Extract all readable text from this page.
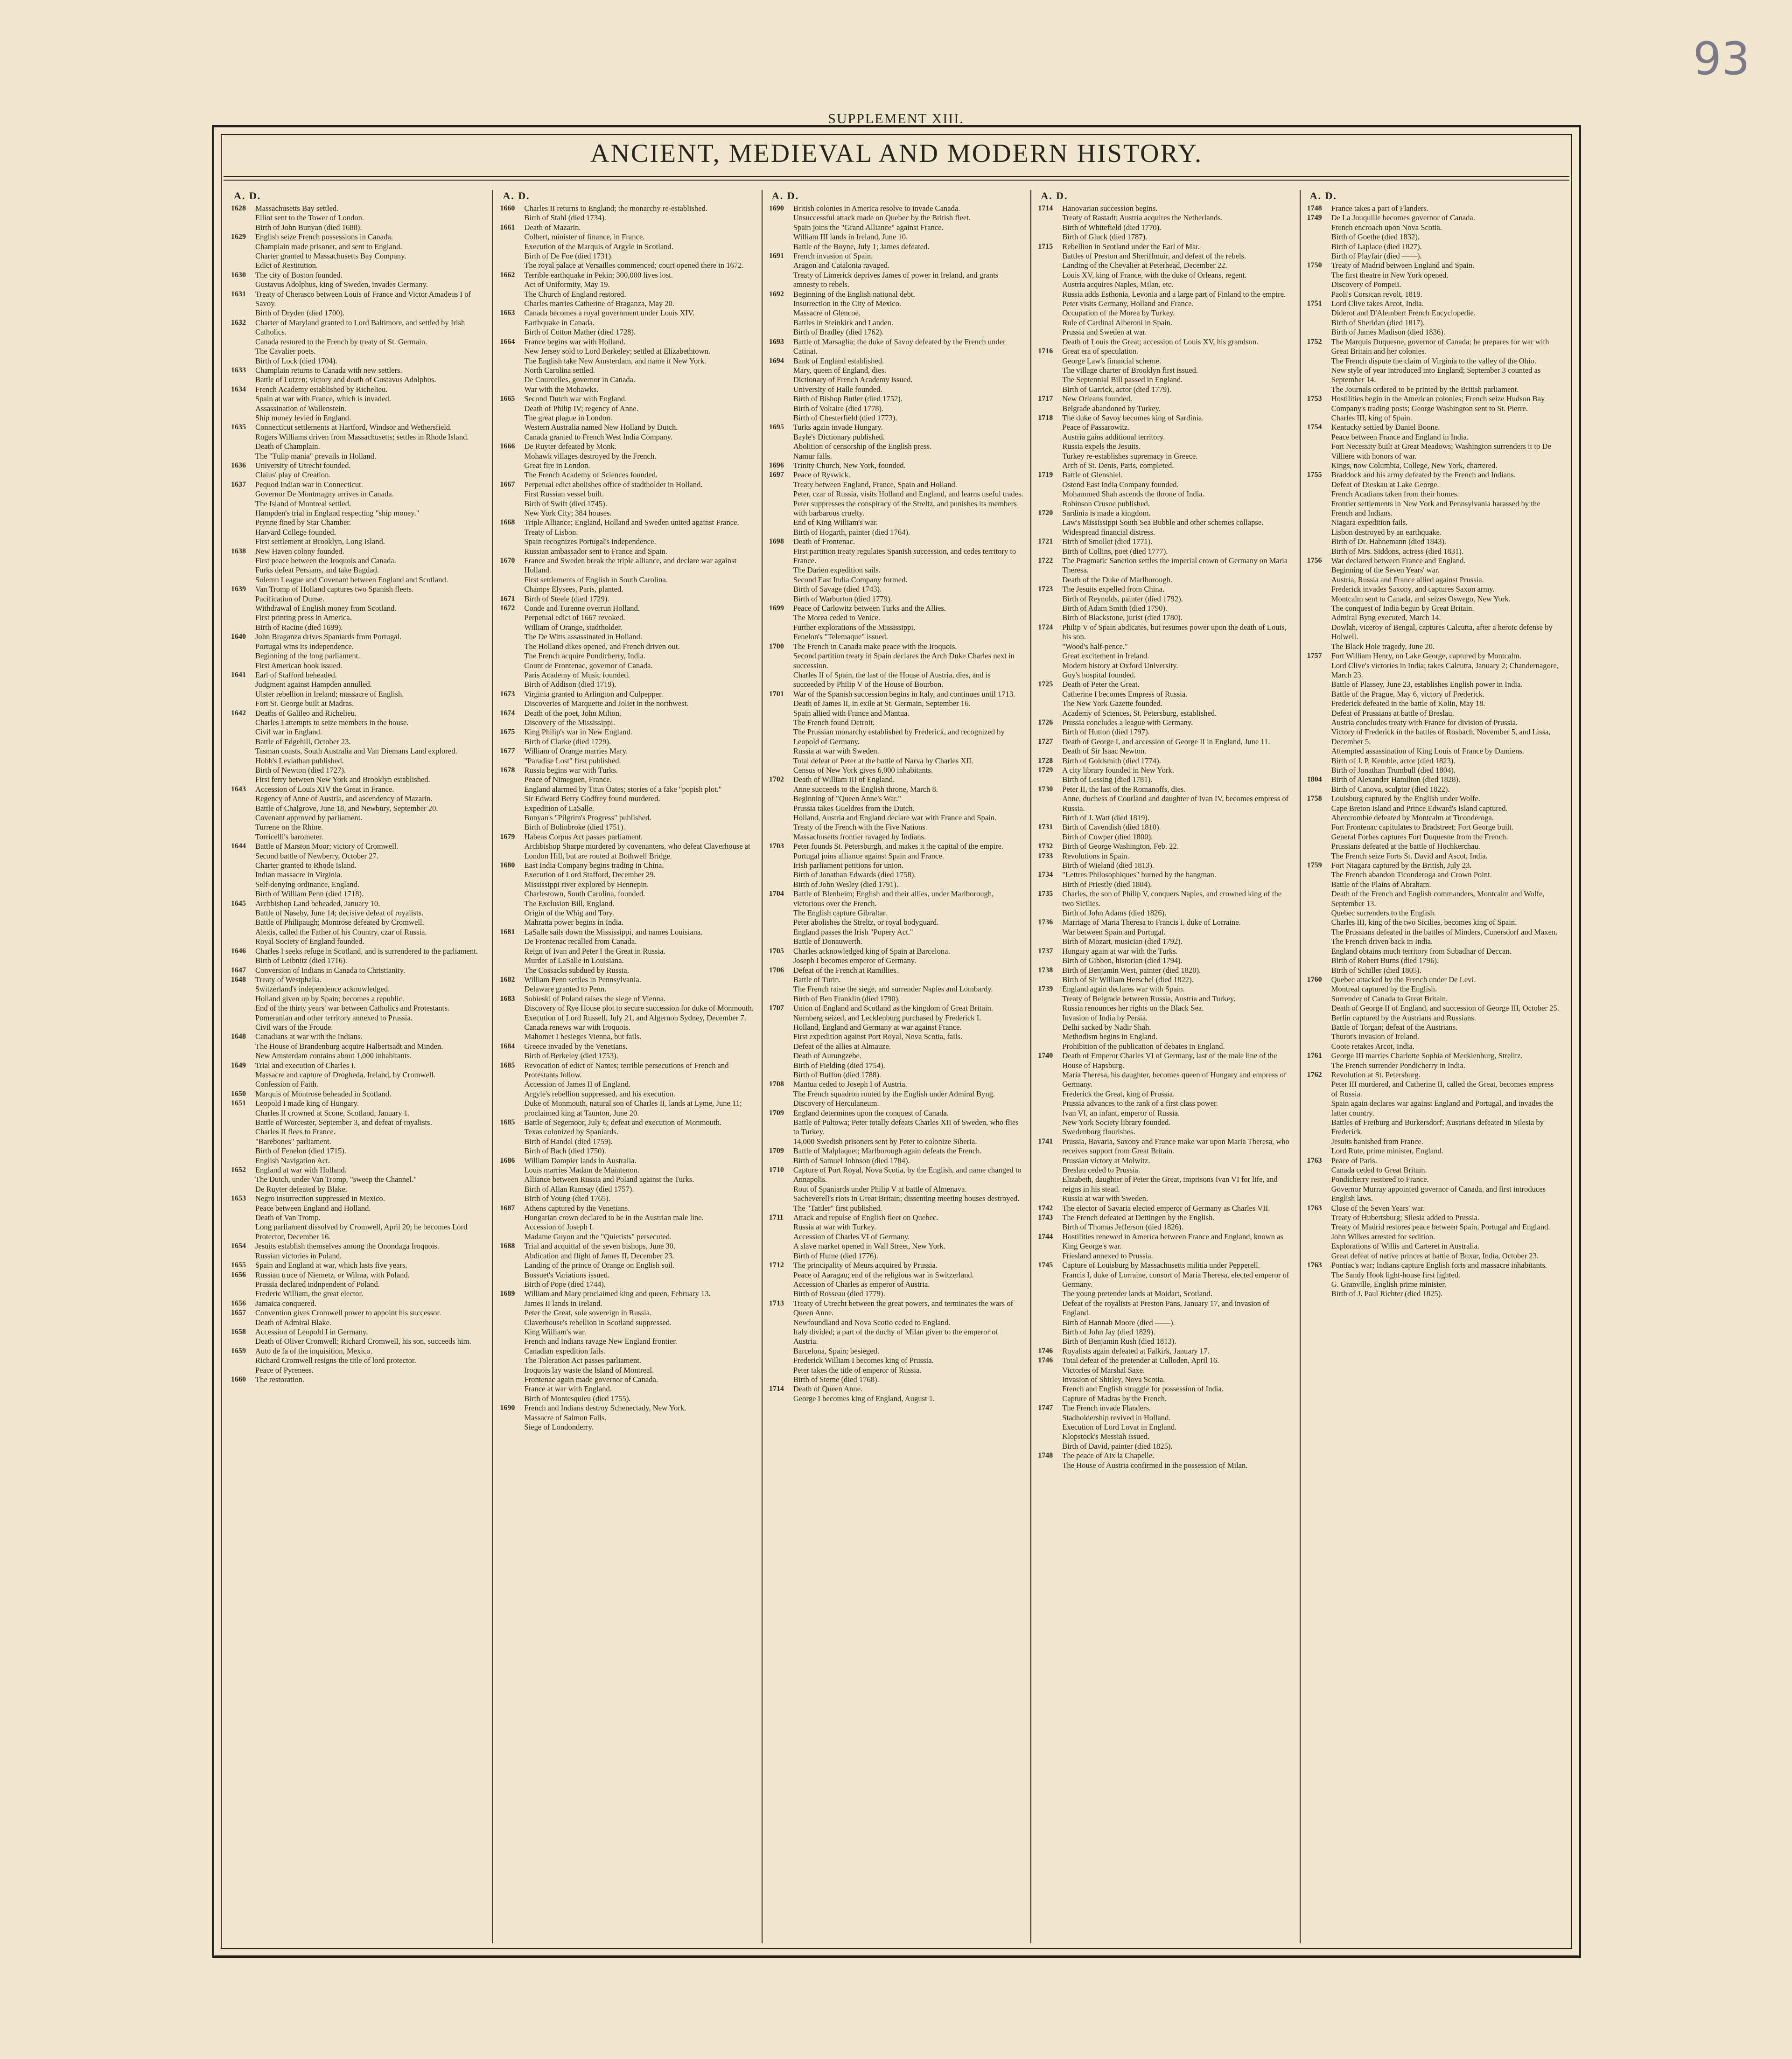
93
SUPPLEMENT XIII.
ANCIENT, MEDIEVAL AND MODERN HISTORY.
A. D.
1628	Massachusetts Bay settled.
Elliot sent to the Tower of London.
Birth of John Bunyan (died 1688).
1629	English seize French possessions in Canada.
Champlain made prisoner, and sent to England.
Charter granted to Massachusetts Bay Company.
Edict of Restitution.
1630	The city of Boston founded.
Gustavus Adolphus, king of Sweden, invades Germany.
1631	Treaty of Cherasco between Louis of France and Victor Amadeus I of Savoy.
Birth of Dryden (died 1700).
1632	Charter of Maryland granted to Lord Baltimore, and settled by Irish Catholics.
Canada restored to the French by treaty of St. Germain.
The Cavalier poets.
Birth of Lock (died 1704).
1633	Champlain returns to Canada with new settlers.
Battle of Lutzen; victory and death of Gustavus Adolphus.
1634	French Academy established by Richelieu.
Spain at war with France, which is invaded.
Assassination of Wallenstein.
Ship money levied in England.
1635	Connecticut settlements at Hartford, Windsor and Wethersfield.
Rogers Williams driven from Massachusetts; settles in Rhode Island.
Death of Champlain.
The "Tulip mania" prevails in Holland.
1636	University of Utrecht founded.
Claius' play of Creation.
1637	Pequod Indian war in Connecticut.
Governor De Montmagny arrives in Canada.
The Island of Montreal settled.
Hampden's trial in England respecting "ship money."
Prynne fined by Star Chamber.
Harvard College founded.
First settlement at Brooklyn, Long Island.
1638	New Haven colony founded.
First peace between the Iroquois and Canada.
Furks defeat Persians, and take Bagdad.
Solemn League and Covenant between England and Scotland.
1639	Van Tromp of Holland captures two Spanish fleets.
Pacification of Dunse.
Withdrawal of English money from Scotland.
First printing press in America.
Birth of Racine (died 1699).
1640	John Braganza drives Spaniards from Portugal.
Portugal wins its independence.
Beginning of the long parliament.
First American book issued.
1641	Earl of Stafford beheaded.
Judgment against Hampden annulled.
Ulster rebellion in Ireland; massacre of English.
Fort St. George built at Madras.
1642	Deaths of Galileo and Richelieu.
Charles I attempts to seize members in the house.
Civil war in England.
Battle of Edgehill, October 23.
Tasman coasts, South Australia and Van Diemans Land explored.
Hobb's Leviathan published.
Birth of Newton (died 1727).
First ferry between New York and Brooklyn established.
1643	Accession of Louis XIV the Great in France.
Regency of Anne of Austria, and ascendency of Mazarin.
Battle of Chalgrove, June 18, and Newbury, September 20.
Covenant approved by parliament.
Turrene on the Rhine.
Torricelli's barometer.
1644	Battle of Marston Moor; victory of Cromwell.
Second battle of Newberry, October 27.
Charter granted to Rhode Island.
Indian massacre in Virginia.
Self-denying ordinance, England.
Birth of William Penn (died 1718).
1645	Archbishop Land beheaded, January 10.
Battle of Naseby, June 14; decisive defeat of royalists.
Battle of Philipaugh; Montrose defeated by Cromwell.
Alexis, called the Father of his Country, czar of Russia.
Royal Society of England founded.
1646	Charles I seeks refuge in Scotland, and is surrendered to the parliament.
Birth of Leibnitz (died 1716).
1647	Conversion of Indians in Canada to Christianity.
1648	Treaty of Westphalia.
Switzerland's independence acknowledged.
Holland given up by Spain; becomes a republic.
End of the thirty years' war between Catholics and Protestants.
Pomeranian and other territory annexed to Prussia.
Civil wars of the Froude.
1648	Canadians at war with the Indians.
The House of Brandenburg acquire Halbertsadt and Minden.
New Amsterdam contains about 1,000 inhabitants.
1649	Trial and execution of Charles I.
Massacre and capture of Drogheda, Ireland, by Cromwell.
Confession of Faith.
1650	Marquis of Montrose beheaded in Scotland.
1651	Leopold I made king of Hungary.
Charles II crowned at Scone, Scotland, January 1.
Battle of Worcester, September 3, and defeat of royalists.
Charles II flees to France.
"Barebones" parliament.
Birth of Fenelon (died 1715).
English Navigation Act.
1652	England at war with Holland.
The Dutch, under Van Tromp, "sweep the Channel."
De Ruyter defeated by Blake.
1653	Negro insurrection suppressed in Mexico.
Peace between England and Holland.
Death of Van Tromp.
Long parliament dissolved by Cromwell, April 20; he becomes Lord Protector, December 16.
1654	Jesuits establish themselves among the Onondaga Iroquois.
Russian victories in Poland.
1655	Spain and England at war, which lasts five years.
1656	Russian truce of Niemetz, or Wilma, with Poland.
Prussia declared indnpendent of Poland.
Frederic William, the great elector.
1656	Jamaica conquered.
1657	Convention gives Cromwell power to appoint his successor.
Death of Admiral Blake.
1658	Accession of Leopold I in Germany.
Death of Oliver Cromwell; Richard Cromwell, his son, succeeds him.
1659	Auto de fa of the inquisition, Mexico.
Richard Cromwell resigns the title of lord protector.
Peace of Pyrenees.
1660	The restoration.
A. D.
1660	Charles II returns to England; the monarchy re-established.
Birth of Stahl (died 1734).
1661	Death of Mazarin.
Colbert, minister of finance, in France.
Execution of the Marquis of Argyle in Scotland.
Birth of De Foe (died 1731).
The royal palace at Versailles commenced; court opened there in 1672.
1662	Terrible earthquake in Pekin; 300,000 lives lost.
Act of Uniformity, May 19.
The Church of England restored.
Charles marries Catherine of Braganza, May 20.
1663	Canada becomes a royal government under Louis XIV.
Earthquake in Canada.
Birth of Cotton Mather (died 1728).
1664	France begins war with Holland.
New Jersey sold to Lord Berkeley; settled at Elizabethtown.
The English take New Amsterdam, and name it New York.
North Carolina settled.
De Courcelles, governor in Canada.
War with the Mohawks.
1665	Second Dutch war with England.
Death of Philip IV; regency of Anne.
The great plague in London.
Western Australia named New Holland by Dutch.
Canada granted to French West India Company.
1666	De Ruyter defeated by Monk.
Mohawk villages destroyed by the French.
Great fire in London.
The French Academy of Sciences founded.
1667	Perpetual edict abolishes office of stadtholder in Holland.
First Russian vessel built.
Birth of Swift (died 1745).
New York City; 384 houses.
1668	Triple Alliance; England, Holland and Sweden united against France.
Treaty of Lisbon.
Spain recognizes Portugal's independence.
Russian ambassador sent to France and Spain.
1670	France and Sweden break the triple alliance, and declare war against Holland.
First settlements of English in South Carolina.
Champs Elysees, Paris, planted.
1671	Birth of Steele (died 1729).
1672	Conde and Turenne overrun Holland.
Perpetual edict of 1667 revoked.
William of Orange, stadtholder.
The De Witts assassinated in Holland.
The Holland dikes opened, and French driven out.
The French acquire Pondicherry, India.
Count de Frontenac, governor of Canada.
Paris Academy of Music founded.
Birth of Addison (died 1719).
1673	Virginia granted to Arlington and Culpepper.
Discoveries of Marquette and Joliet in the northwest.
1674	Death of the poet, John Milton.
Discovery of the Mississippi.
1675	King Philip's war in New England.
Birth of Clarke (died 1729).
1677	William of Orange marries Mary.
"Paradise Lost" first published.
1678	Russia begins war with Turks.
Peace of Nimeguen, France.
England alarmed by Titus Oates; stories of a fake "popish plot."
Sir Edward Berry Godfrey found murdered.
Expedition of LaSalle.
Bunyan's "Pilgrim's Progress" published.
Birth of Bolinbroke (died 1751).
1679	Habeas Corpus Act passes parliament.
Archbishop Sharpe murdered by covenanters, who defeat Claverhouse at London Hill, but are routed at Bothwell Bridge.
1680	East India Company begins trading in China.
Execution of Lord Stafford, December 29.
Mississippi river explored by Hennepin.
Charlestown, South Carolina, founded.
The Exclusion Bill, England.
Origin of the Whig and Tory.
Mahratta power begins in India.
1681	LaSalle sails down the Mississippi, and names Louisiana.
De Frontenac recalled from Canada.
Reign of Ivan and Peter I the Great in Russia.
Murder of LaSalle in Louisiana.
The Cossacks subdued by Russia.
1682	William Penn settles in Pennsylvania.
Delaware granted to Penn.
1683	Sobieski of Poland raises the siege of Vienna.
Discovery of Rye House plot to secure succession for duke of Monmouth.
Execution of Lord Russell, July 21, and Algernon Sydney, December 7.
Canada renews war with Iroquois.
Mahomet I besieges Vienna, but fails.
1684	Greece invaded by the Venetians.
Birth of Berkeley (died 1753).
1685	Revocation of edict of Nantes; terrible persecutions of French and Protestants follow.
Accession of James II of England.
Argyle's rebellion suppressed, and his execution.
Duke of Monmouth, natural son of Charles II, lands at Lyme, June 11; proclaimed king at Taunton, June 20.
1685	Battle of Segemoor, July 6; defeat and execution of Monmouth.
Texas colonized by Spaniards.
Birth of Handel (died 1759).
Birth of Bach (died 1750).
1686	William Dampier lands in Australia.
Louis marries Madam de Maintenon.
Alliance between Russia and Poland against the Turks.
Birth of Allan Ramsay (died 1757).
Birth of Young (died 1765).
1687	Athens captured by the Venetians.
Hungarian crown declared to be in the Austrian male line.
Accession of Joseph I.
Madame Guyon and the "Quietists" persecuted.
1688	Trial and acquittal of the seven bishops, June 30.
Abdication and flight of James II, December 23.
Landing of the prince of Orange on English soil.
Bossuet's Variations issued.
Birth of Pope (died 1744).
1689	William and Mary proclaimed king and queen, February 13.
James II lands in Ireland.
Peter the Great, sole sovereign in Russia.
Claverhouse's rebellion in Scotland suppressed.
King William's war.
French and Indians ravage New England frontier.
Canadian expedition fails.
The Toleration Act passes parliament.
Iroquois lay waste the Island of Montreal.
Frontenac again made governor of Canada.
France at war with England.
Birth of Montesquieu (died 1755).
1690	French and Indians destroy Schenectady, New York.
Massacre of Salmon Falls.
Siege of Londonderry.
A. D.
1690	British colonies in America resolve to invade Canada.
Unsuccessful attack made on Quebec by the British fleet.
Spain joins the "Grand Alliance" against France.
William III lands in Ireland, June 10.
Battle of the Boyne, July 1; James defeated.
1691	French invasion of Spain.
Aragon and Catalonia ravaged.
Treaty of Limerick deprives James of power in Ireland, and grants amnesty to rebels.
1692	Beginning of the English national debt.
Insurrection in the City of Mexico.
Massacre of Glencoe.
Battles in Steinkirk and Landen.
Birth of Bradley (died 1762).
1693	Battle of Marsaglia; the duke of Savoy defeated by the French under Catinat.
1694	Bank of England established.
Mary, queen of England, dies.
Dictionary of French Academy issued.
University of Halle founded.
Birth of Bishop Butler (died 1752).
Birth of Voltaire (died 1778).
Birth of Chesterfield (died 1773).
1695	Turks again invade Hungary.
Bayle's Dictionary published.
Abolition of censorship of the English press.
Namur falls.
1696	Trinity Church, New York, founded.
1697	Peace of Ryswick.
Treaty between England, France, Spain and Holland.
Peter, czar of Russia, visits Holland and England, and learns useful trades.
Peter suppresses the conspiracy of the Streltz, and punishes its members with barbarous cruelty.
End of King William's war.
Birth of Hogarth, painter (died 1764).
1698	Death of Frontenac.
First partition treaty regulates Spanish succession, and cedes territory to France.
The Darien expedition sails.
Second East India Company formed.
Birth of Savage (died 1743).
Birth of Warburton (died 1779).
1699	Peace of Carlowitz between Turks and the Allies.
The Morea ceded to Venice.
Further explorations of the Mississippi.
Fenelon's "Telemaque" issued.
1700	The French in Canada make peace with the Iroquois.
Second partition treaty in Spain declares the Arch Duke Charles next in succession.
Charles II of Spain, the last of the House of Austria, dies, and is succeeded by Philip V of the House of Bourbon.
1701	War of the Spanish succession begins in Italy, and continues until 1713.
Death of James II, in exile at St. Germain, September 16.
Spain allied with France and Mantua.
The French found Detroit.
The Prussian monarchy established by Frederick, and recognized by Leopold of Germany.
Russia at war with Sweden.
Total defeat of Peter at the battle of Narva by Charles XII.
Census of New York gives 6,000 inhabitants.
1702	Death of William III of England.
Anne succeeds to the English throne, March 8.
Beginning of "Queen Anne's War."
Prussia takes Gueldres from the Dutch.
Holland, Austria and England declare war with France and Spain.
Treaty of the French with the Five Nations.
Massachusetts frontier ravaged by Indians.
1703	Peter founds St. Petersburgh, and makes it the capital of the empire.
Portugal joins alliance against Spain and France.
Irish parliament petitions for union.
Birth of Jonathan Edwards (died 1758).
Birth of John Wesley (died 1791).
1704	Battle of Blenheim; English and their allies, under Marlborough, victorious over the French.
The English capture Gibraltar.
Peter abolishes the Streltz, or royal bodyguard.
England passes the Irish "Popery Act."
Battle of Donauwerth.
1705	Charles acknowledged king of Spain at Barcelona.
Joseph I becomes emperor of Germany.
1706	Defeat of the French at Ramillies.
Battle of Turin.
The French raise the siege, and surrender Naples and Lombardy.
Birth of Ben Franklin (died 1790).
1707	Union of England and Scotland as the kingdom of Great Britain.
Nurnberg seized, and Lecklenburg purchased by Frederick I.
Holland, England and Germany at war against France.
First expedition against Port Royal, Nova Scotia, fails.
Defeat of the allies at Almauze.
Death of Aurungzebe.
Birth of Fielding (died 1754).
Birth of Buffon (died 1788).
1708	Mantua ceded to Joseph I of Austria.
The French squadron routed by the English under Admiral Byng.
Discovery of Herculaneum.
1709	England determines upon the conquest of Canada.
Battle of Pultowa; Peter totally defeats Charles XII of Sweden, who flies to Turkey.
14,000 Swedish prisoners sent by Peter to colonize Siberia.
1709	Battle of Malplaquet; Marlborough again defeats the French.
Birth of Samuel Johnson (died 1784).
1710	Capture of Port Royal, Nova Scotia, by the English, and name changed to Annapolis.
Rout of Spaniards under Philip V at battle of Almenava.
Sacheverell's riots in Great Britain; dissenting meeting houses destroyed.
The "Tattler" first published.
1711	Attack and repulse of English fleet on Quebec.
Russia at war with Turkey.
Accession of Charles VI of Germany.
A slave market opened in Wall Street, New York.
Birth of Hume (died 1776).
1712	The principality of Meurs acquired by Prussia.
Peace of Aaragau; end of the religious war in Switzerland.
Accession of Charles as emperor of Austria.
Birth of Rosseau (died 1779).
1713	Treaty of Utrecht between the great powers, and terminates the wars of Queen Anne.
Newfoundland and Nova Scotio ceded to England.
Italy divided; a part of the duchy of Milan given to the emperor of Austria.
Barcelona, Spain; besieged.
Frederick William I becomes king of Prussia.
Peter takes the title of emperor of Russia.
Birth of Sterne (died 1768).
1714	Death of Queen Anne.
George I becomes king of England, August 1.
A. D.
1714	Hanovarian succession begins.
Treaty of Rastadt; Austria acquires the Netherlands.
Birth of Whitefield (died 1770).
Birth of Gluck (died 1787).
1715	Rebellion in Scotland under the Earl of Mar.
Battles of Preston and Sheriffmuir, and defeat of the rebels.
Landing of the Chevalier at Peterhead, December 22.
Louis XV, king of France, with the duke of Orleans, regent.
Austria acquires Naples, Milan, etc.
Russia adds Esthonia, Levonia and a large part of Finland to the empire.
Peter visits Germany, Holland and France.
Occupation of the Morea by Turkey.
Rule of Cardinal Alberoni in Spain.
Prussia and Sweden at war.
Death of Louis the Great; accession of Louis XV, his grandson.
1716	Great era of speculation.
George Law's financial scheme.
The village charter of Brooklyn first issued.
The Septennial Bill passed in England.
Birth of Garrick, actor (died 1779).
1717	New Orleans founded.
Belgrade abandoned by Turkey.
1718	The duke of Savoy becomes king of Sardinia.
Peace of Passarowitz.
Austria gains additional territory.
Russia expels the Jesuits.
Turkey re-establishes supremacy in Greece.
Arch of St. Denis, Paris, completed.
1719	Battle of Glenshiel.
Ostend East India Company founded.
Mohammed Shah ascends the throne of India.
Robinson Crusoe published.
1720	Sardinia is made a kingdom.
Law's Mississippi South Sea Bubble and other schemes collapse.
Widespread financial distress.
1721	Birth of Smollet (died 1771).
Birth of Collins, poet (died 1777).
1722	The Pragmatic Sanction settles the imperial crown of Germany on Maria Theresa.
Death of the Duke of Marlborough.
1723	The Jesuits expelled from China.
Birth of Reynolds, painter (died 1792).
Birth of Adam Smith (died 1790).
Birth of Blackstone, jurist (died 1780).
1724	Philip V of Spain abdicates, but resumes power upon the death of Louis, his son.
"Wood's half-pence."
Great excitement in Ireland.
Modern history at Oxford University.
Guy's hospital founded.
1725	Death of Peter the Great.
Catherine I becomes Empress of Russia.
The New York Gazette founded.
Academy of Sciences, St. Petersburg, established.
1726	Prussia concludes a league with Germany.
Birth of Hutton (died 1797).
1727	Death of George I, and accession of George II in England, June 11.
Death of Sir Isaac Newton.
1728	Birth of Goldsmith (died 1774).
1729	A city library founded in New York.
Birth of Lessing (died 1781).
1730	Peter II, the last of the Romanoffs, dies.
Anne, duchess of Courland and daughter of Ivan IV, becomes empress of Russia.
Birth of J. Watt (died 1819).
1731	Birth of Cavendish (died 1810).
Birth of Cowper (died 1800).
1732	Birth of George Washington, Feb. 22.
1733	Revolutions in Spain.
Birth of Wieland (died 1813).
1734	"Lettres Philosophiques" burned by the hangman.
Birth of Priestly (died 1804).
1735	Charles, the son of Philip V, conquers Naples, and crowned king of the two Sicilies.
Birth of John Adams (died 1826).
1736	Marriage of Maria Theresa to Francis I, duke of Lorraine.
War between Spain and Portugal.
Birth of Mozart, musician (died 1792).
1737	Hungary again at war with the Turks.
Birth of Gibbon, historian (died 1794).
1738	Birth of Benjamin West, painter (died 1820).
Birth of Sir William Herschel (died 1822).
1739	England again declares war with Spain.
Treaty of Belgrade between Russia, Austria and Turkey.
Russia renounces her rights on the Black Sea.
Invasion of India by Persia.
Delhi sacked by Nadir Shah.
Methodism begins in England.
Prohibition of the publication of debates in England.
1740	Death of Emperor Charles VI of Germany, last of the male line of the House of Hapsburg.
Maria Theresa, his daughter, becomes queen of Hungary and empress of Germany.
Frederick the Great, king of Prussia.
Prussia advances to the rank of a first class power.
Ivan VI, an infant, emperor of Russia.
New York Society library founded.
Swedenborg flourishes.
1741	Prussia, Bavaria, Saxony and France make war upon Maria Theresa, who receives support from Great Britain.
Prussian victory at Molwitz.
Breslau ceded to Prussia.
Elizabeth, daughter of Peter the Great, imprisons Ivan VI for life, and reigns in his stead.
Russia at war with Sweden.
1742	The elector of Savaria elected emperor of Germany as Charles VII.
1743	The French defeated at Dettingen by the English.
Birth of Thomas Jefferson (died 1826).
1744	Hostilities renewed in America between France and England, known as King George's war.
Friesland annexed to Prussia.
1745	Capture of Louisburg by Massachusetts militia under Pepperell.
Francis I, duke of Lorraine, consort of Maria Theresa, elected emperor of Germany.
The young pretender lands at Moidart, Scotland.
Defeat of the royalists at Preston Pans, January 17, and invasion of England.
Birth of Hannah Moore (died ——).
Birth of John Jay (died 1829).
Birth of Benjamin Rush (died 1813).
1746	Royalists again defeated at Falkirk, January 17.
1746	Total defeat of the pretender at Culloden, April 16.
Victories of Marshal Saxe.
Invasion of Shirley, Nova Scotia.
French and English struggle for possession of India.
Capture of Madras by the French.
1747	The French invade Flanders.
Stadholdership revived in Holland.
Execution of Lord Lovat in England.
Klopstock's Messiah issued.
Birth of David, painter (died 1825).
1748	The peace of Aix la Chapelle.
The House of Austria confirmed in the possession of Milan.
A. D.
1748	France takes a part of Flanders.
1749	De La Jouquille becomes governor of Canada.
French encroach upon Nova Scotia.
Birth of Goethe (died 1832).
Birth of Laplace (died 1827).
Birth of Playfair (died ——).
1750	Treaty of Madrid between England and Spain.
The first theatre in New York opened.
Discovery of Pompeii.
Paoli's Corsican revolt, 1819.
1751	Lord Clive takes Arcot, India.
Diderot and D'Alembert French Encyclopedie.
Birth of Sheridan (died 1817).
Birth of James Madison (died 1836).
1752	The Marquis Duquesne, governor of Canada; he prepares for war with Great Britain and her colonies.
The French dispute the claim of Virginia to the valley of the Ohio.
New style of year introduced into England; September 3 counted as September 14.
The Journals ordered to be printed by the British parliament.
1753	Hostilities begin in the American colonies; French seize Hudson Bay Company's trading posts; George Washington sent to St. Pierre.
Charles III, king of Spain.
1754	Kentucky settled by Daniel Boone.
Peace between France and England in India.
Fort Necessity built at Great Meadows; Washington surrenders it to De Villiere with honors of war.
Kings, now Columbia, College, New York, chartered.
1755	Braddock and his army defeated by the French and Indians.
Defeat of Dieskau at Lake George.
French Acadians taken from their homes.
Frontier settlements in New York and Pennsylvania harassed by the French and Indians.
Niagara expedition fails.
Lisbon destroyed by an earthquake.
Birth of Dr. Hahnemann (died 1843).
Birth of Mrs. Siddons, actress (died 1831).
1756	War declared between France and England.
Beginning of the Seven Years' war.
Austria, Russia and France allied against Prussia.
Frederick invades Saxony, and captures Saxon army.
Montcalm sent to Canada, and seizes Oswego, New York.
The conquest of India begun by Great Britain.
Admiral Byng executed, March 14.
Dowlah, viceroy of Bengal, captures Calcutta, after a heroic defense by Holwell.
The Black Hole tragedy, June 20.
1757	Fort William Henry, on Lake George, captured by Montcalm.
Lord Clive's victories in India; takes Calcutta, January 2; Chandernagore, March 23.
Battle of Plassey, June 23, establishes English power in India.
Battle of the Prague, May 6, victory of Frederick.
Frederick defeated in the battle of Kolin, May 18.
Defeat of Prussians at battle of Breslau.
Austria concludes treaty with France for division of Prussia.
Victory of Frederick in the battles of Rosbach, November 5, and Lissa, December 5.
Attempted assassination of King Louis of France by Damiens.
Birth of J. P. Kemble, actor (died 1823).
Birth of Jonathan Trumbull (died 1804).
1804	Birth of Alexander Hamilton (died 1828).
Birth of Canova, sculptor (died 1822).
1758	Louisburg captured by the English under Wolfe.
Cape Breton Island and Prince Edward's Island captured.
Abercrombie defeated by Montcalm at Ticonderoga.
Fort Frontenac capitulates to Bradstreet; Fort George built.
General Forbes captures Fort Duquesne from the French.
Prussians defeated at the battle of Hochkerchau.
The French seize Forts St. David and Ascot, India.
1759	Fort Niagara captured by the British, July 23.
The French abandon Ticonderoga and Crown Point.
Battle of the Plains of Abraham.
Death of the French and English commanders, Montcalm and Wolfe, September 13.
Quebec surrenders to the English.
Charles III, king of the two Sicilies, becomes king of Spain.
The Prussians defeated in the battles of Minders, Cunersdorf and Maxen.
The French driven back in India.
England obtains much territory from Subadhar of Deccan.
Birth of Robert Burns (died 1796).
Birth of Schiller (died 1805).
1760	Quebec attacked by the French under De Levi.
Montreal captured by the English.
Surrender of Canada to Great Britain.
Death of George II of England, and succession of George III, October 25.
Berlin captured by the Austrians and Russians.
Battle of Torgan; defeat of the Austrians.
Thurot's invasion of Ireland.
Coote retakes Arcot, India.
1761	George III marries Charlotte Sophia of Meckienburg, Strelitz.
The French surrender Pondicherry in India.
1762	Revolution at St. Petersburg.
Peter III murdered, and Catherine II, called the Great, becomes empress of Russia.
Spain again declares war against England and Portugal, and invades the latter country.
Battles of Freiburg and Burkersdorf; Austrians defeated in Silesia by Frederick.
Jesuits banished from France.
Lord Rute, prime minister, England.
1763	Peace of Paris.
Canada ceded to Great Britain.
Pondicherry restored to France.
Governor Murray appointed governor of Canada, and first introduces English laws.
1763	Close of the Seven Years' war.
Treaty of Hubertsburg; Silesia added to Prussia.
Treaty of Madrid restores peace between Spain, Portugal and England.
John Wilkes arrested for sedition.
Explorations of Willis and Carteret in Australia.
Great defeat of native princes at battle of Buxar, India, October 23.
1763	Pontiac's war; Indians capture English forts and massacre inhabitants.
The Sandy Hook light-house first lighted.
G. Granville, English prime minister.
Birth of J. Paul Richter (died 1825).
